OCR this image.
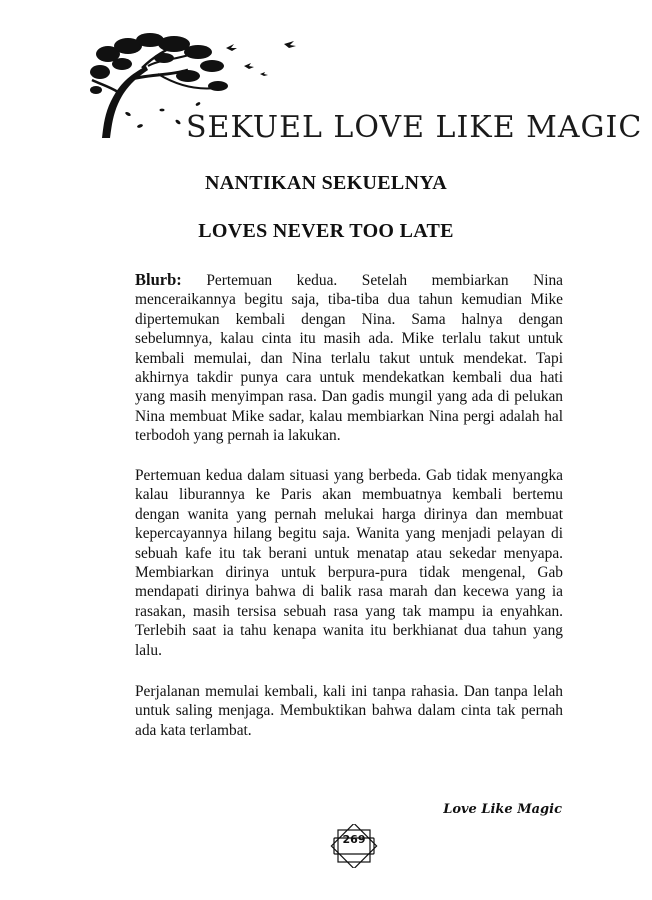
SEKUEL LOVE LIKE MAGIC
NANTIKAN SEKUELNYA
LOVES NEVER TOO LATE

Blurb: Pertemuan kedua. Setelah membiarkan Nina menceraikannya begitu saja, tiba-tiba dua tahun kemudian Mike dipertemukan kembali dengan Nina. Sama halnya dengan sebelumnya, kalau cinta itu masih ada. Mike terlalu takut untuk kembali memulai, dan Nina terlalu takut untuk mendekat. Tapi akhirnya takdir punya cara untuk mendekatkan kembali dua hati yang masih menyimpan rasa. Dan gadis mungil yang ada di pelukan Nina membuat Mike sadar, kalau membiarkan Nina pergi adalah hal terbodoh yang pernah ia lakukan.

Pertemuan kedua dalam situasi yang berbeda. Gab tidak menyangka kalau liburannya ke Paris akan membuatnya kembali bertemu dengan wanita yang pernah melukai harga dirinya dan membuat kepercayannya hilang begitu saja. Wanita yang menjadi pelayan di sebuah kafe itu tak berani untuk menatap atau sekedar menyapa. Membiarkan dirinya untuk berpura-pura tidak mengenal, Gab mendapati dirinya bahwa di balik rasa marah dan kecewa yang ia rasakan, masih tersisa sebuah rasa yang tak mampu ia enyahkan. Terlebih saat ia tahu kenapa wanita itu berkhianat dua tahun yang lalu.

Perjalanan memulai kembali, kali ini tanpa rahasia. Dan tanpa lelah untuk saling menjaga. Membuktikan bahwa dalam cinta tak pernah ada kata terlambat.

Love Like Magic
269
